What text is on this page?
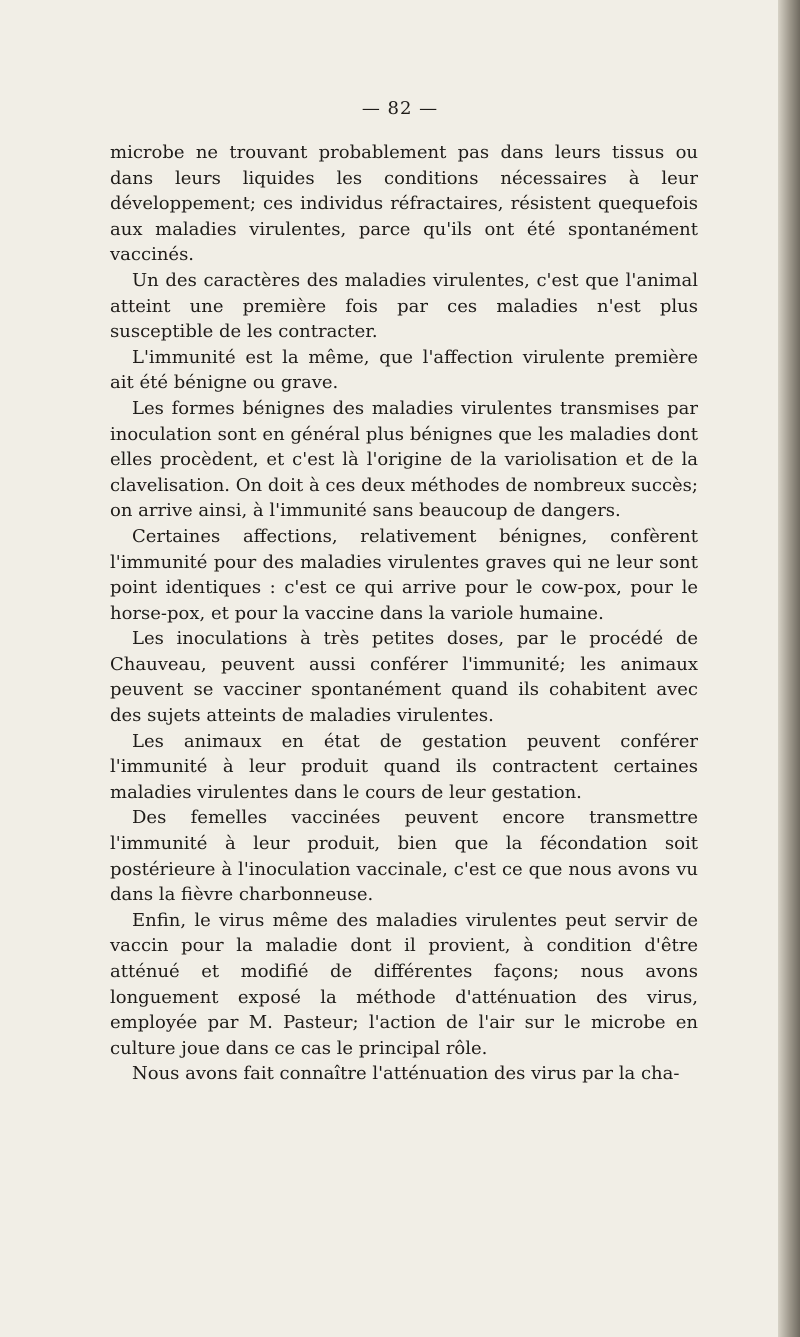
— 82 —

microbe ne trouvant probablement pas dans leurs tissus ou dans leurs liquides les conditions nécessaires à leur développement; ces individus réfractaires, résistent quequefois aux maladies virulentes, parce qu'ils ont été spontanément vaccinés.

Un des caractères des maladies virulentes, c'est que l'animal atteint une première fois par ces maladies n'est plus susceptible de les contracter.

L'immunité est la même, que l'affection virulente première ait été bénigne ou grave.

Les formes bénignes des maladies virulentes transmises par inoculation sont en général plus bénignes que les maladies dont elles procèdent, et c'est là l'origine de la variolisation et de la clavelisation. On doit à ces deux méthodes de nombreux succès; on arrive ainsi, à l'immunité sans beaucoup de dangers.

Certaines affections, relativement bénignes, confèrent l'immunité pour des maladies virulentes graves qui ne leur sont point identiques : c'est ce qui arrive pour le cow-pox, pour le horse-pox, et pour la vaccine dans la variole humaine.

Les inoculations à très petites doses, par le procédé de Chauveau, peuvent aussi conférer l'immunité; les animaux peuvent se vacciner spontanément quand ils cohabitent avec des sujets atteints de maladies virulentes.

Les animaux en état de gestation peuvent conférer l'immunité à leur produit quand ils contractent certaines maladies virulentes dans le cours de leur gestation.

Des femelles vaccinées peuvent encore transmettre l'immunité à leur produit, bien que la fécondation soit postérieure à l'inoculation vaccinale, c'est ce que nous avons vu dans la fièvre charbonneuse.

Enfin, le virus même des maladies virulentes peut servir de vaccin pour la maladie dont il provient, à condition d'être atténué et modifié de différentes façons; nous avons longuement exposé la méthode d'atténuation des virus, employée par M. Pasteur; l'action de l'air sur le microbe en culture joue dans ce cas le principal rôle.

Nous avons fait connaître l'atténuation des virus par la cha-
